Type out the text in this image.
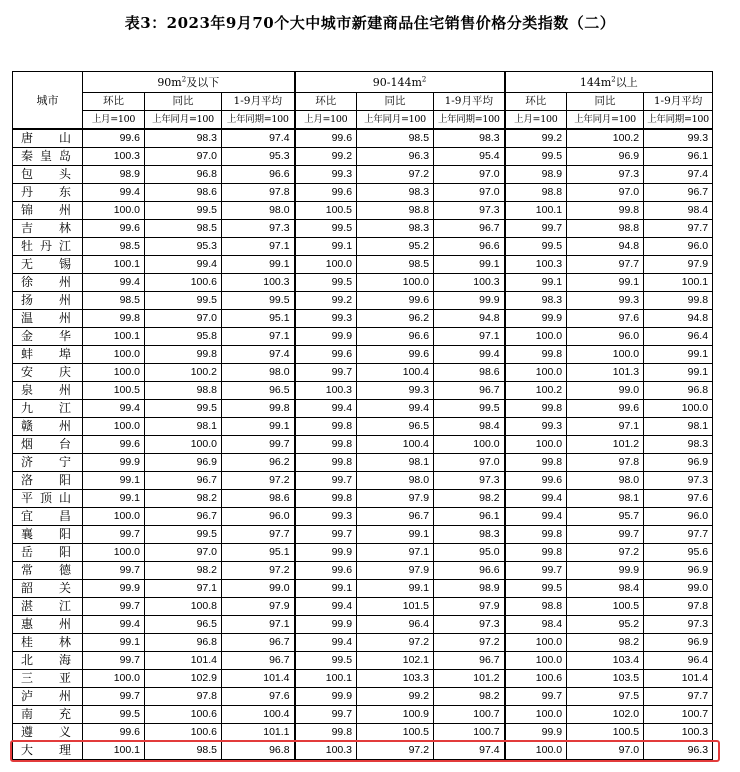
表3：2023年9月70个大中城市新建商品住宅销售价格分类指数（二）
城市	$90m^2$及以下			$90-144m^2$			$144m^2$以上		
	环比	同比	1-9月平均	环比	同比	1-9月平均	环比	同比	1-9月平均
	上月=100	上年同月=100	上年同期=100	上月=100	上年同月=100	上年同期=100	上月=100	上年同月=100	上年同期=100
唐山	99.6	98.3	97.4	99.6	98.5	98.3	99.2	100.2	99.3
秦皇岛	100.3	97.0	95.3	99.2	96.3	95.4	99.5	96.9	96.1
包头	98.9	96.8	96.6	99.3	97.2	97.0	98.9	97.3	97.4
丹东	99.4	98.6	97.8	99.6	98.3	97.0	98.8	97.0	96.7
锦州	100.0	99.5	98.0	100.5	98.8	97.3	100.1	99.8	98.4
吉林	99.6	98.5	97.3	99.5	98.3	96.7	99.7	98.8	97.7
牡丹江	98.5	95.3	97.1	99.1	95.2	96.6	99.5	94.8	96.0
无锡	100.1	99.4	99.1	100.0	98.5	99.1	100.3	97.7	97.9
徐州	99.4	100.6	100.3	99.5	100.0	100.3	99.1	99.1	100.1
扬州	98.5	99.5	99.5	99.2	99.6	99.9	98.3	99.3	99.8
温州	99.8	97.0	95.1	99.3	96.2	94.8	99.9	97.6	94.8
金华	100.1	95.8	97.1	99.9	96.6	97.1	100.0	96.0	96.4
蚌埠	100.0	99.8	97.4	99.6	99.6	99.4	99.8	100.0	99.1
安庆	100.0	100.2	98.0	99.7	100.4	98.6	100.0	101.3	99.1
泉州	100.5	98.8	96.5	100.3	99.3	96.7	100.2	99.0	96.8
九江	99.4	99.5	99.8	99.4	99.4	99.5	99.8	99.6	100.0
赣州	100.0	98.1	99.1	99.8	96.5	98.4	99.3	97.1	98.1
烟台	99.6	100.0	99.7	99.8	100.4	100.0	100.0	101.2	98.3
济宁	99.9	96.9	96.2	99.8	98.1	97.0	99.8	97.8	96.9
洛阳	99.1	96.7	97.2	99.7	98.0	97.3	99.6	98.0	97.3
平顶山	99.1	98.2	98.6	99.8	97.9	98.2	99.4	98.1	97.6
宜昌	100.0	96.7	96.0	99.3	96.7	96.1	99.4	95.7	96.0
襄阳	99.7	99.5	97.7	99.7	99.1	98.3	99.8	99.7	97.7
岳阳	100.0	97.0	95.1	99.9	97.1	95.0	99.8	97.2	95.6
常德	99.7	98.2	97.2	99.6	97.9	96.6	99.7	99.9	96.9
韶关	99.9	97.1	99.0	99.1	99.1	98.9	99.5	98.4	99.0
湛江	99.7	100.8	97.9	99.4	101.5	97.9	98.8	100.5	97.8
惠州	99.4	96.5	97.1	99.9	96.4	97.3	98.4	95.2	97.3
桂林	99.1	96.8	96.7	99.4	97.2	97.2	100.0	98.2	96.9
北海	99.7	101.4	96.7	99.5	102.1	96.7	100.0	103.4	96.4
三亚	100.0	102.9	101.4	100.1	103.3	101.2	100.6	103.5	101.4
泸州	99.7	97.8	97.6	99.9	99.2	98.2	99.7	97.5	97.7
南充	99.5	100.6	100.4	99.7	100.9	100.7	100.0	102.0	100.7
遵义	99.6	100.6	101.1	99.8	100.5	100.7	99.9	100.5	100.3
大理	100.1	98.5	96.8	100.3	97.2	97.4	100.0	97.0	96.3
